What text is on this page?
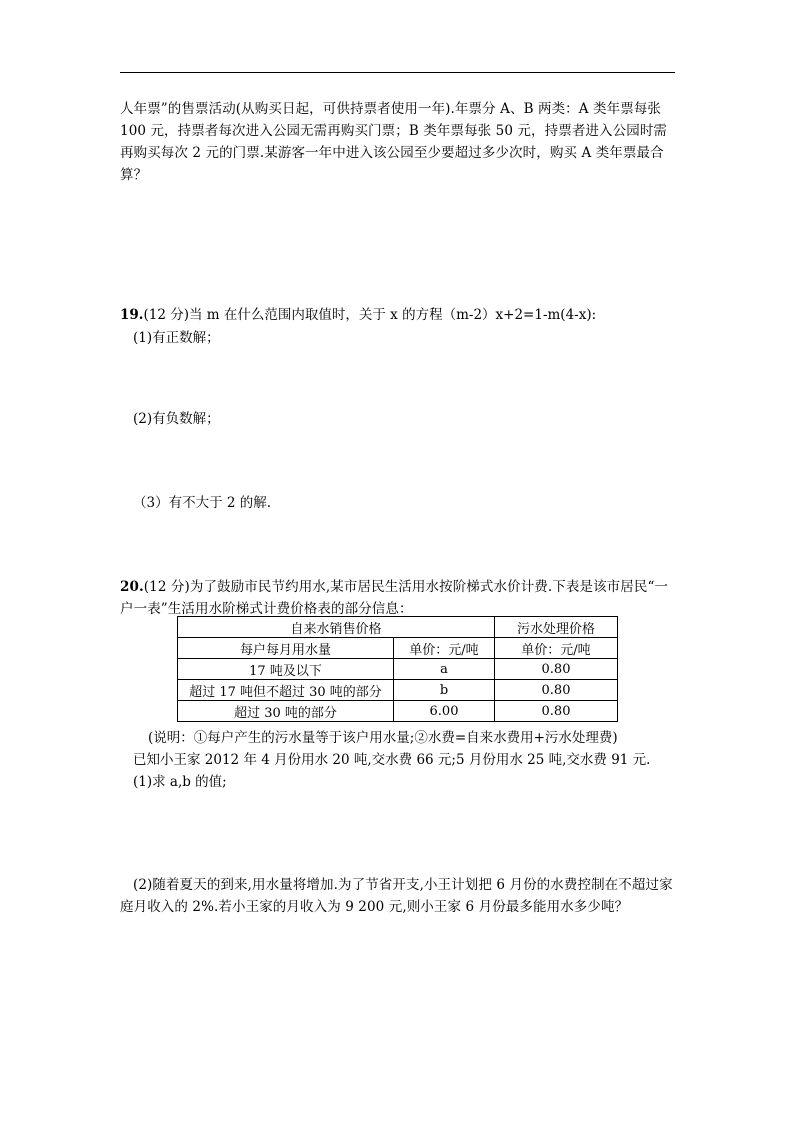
人年票”的售票活动(从购买日起，可供持票者使用一年).年票分 A、B 两类：A 类年票每张 100 元，持票者每次进入公园无需再购买门票；B 类年票每张 50 元，持票者进入公园时需再购买每次 2 元的门票.某游客一年中进入该公园至少要超过多少次时，购买 A 类年票最合算？
19.(12 分)当 m 在什么范围内取值时，关于 x 的方程（m-2）x+2=1-m(4-x):
(1)有正数解；
(2)有负数解；
（3）有不大于 2 的解.
20.(12 分)为了鼓励市民节约用水,某市居民生活用水按阶梯式水价计费.下表是该市居民“一户一表”生活用水阶梯式计费价格表的部分信息：
自来水销售价格		污水处理价格
每户每月用水量	单价：元/吨	单价：元/吨
17 吨及以下	a	0.80
超过 17 吨但不超过 30 吨的部分	b	0.80
超过 30 吨的部分	6.00	0.80
(说明：①每户产生的污水量等于该户用水量;②水费=自来水费用+污水处理费)
已知小王家 2012 年 4 月份用水 20 吨,交水费 66 元;5 月份用水 25 吨,交水费 91 元.
(1)求 a,b 的值;
(2)随着夏天的到来,用水量将增加.为了节省开支,小王计划把 6 月份的水费控制在不超过家庭月收入的 2%.若小王家的月收入为 9 200 元,则小王家 6 月份最多能用水多少吨？
